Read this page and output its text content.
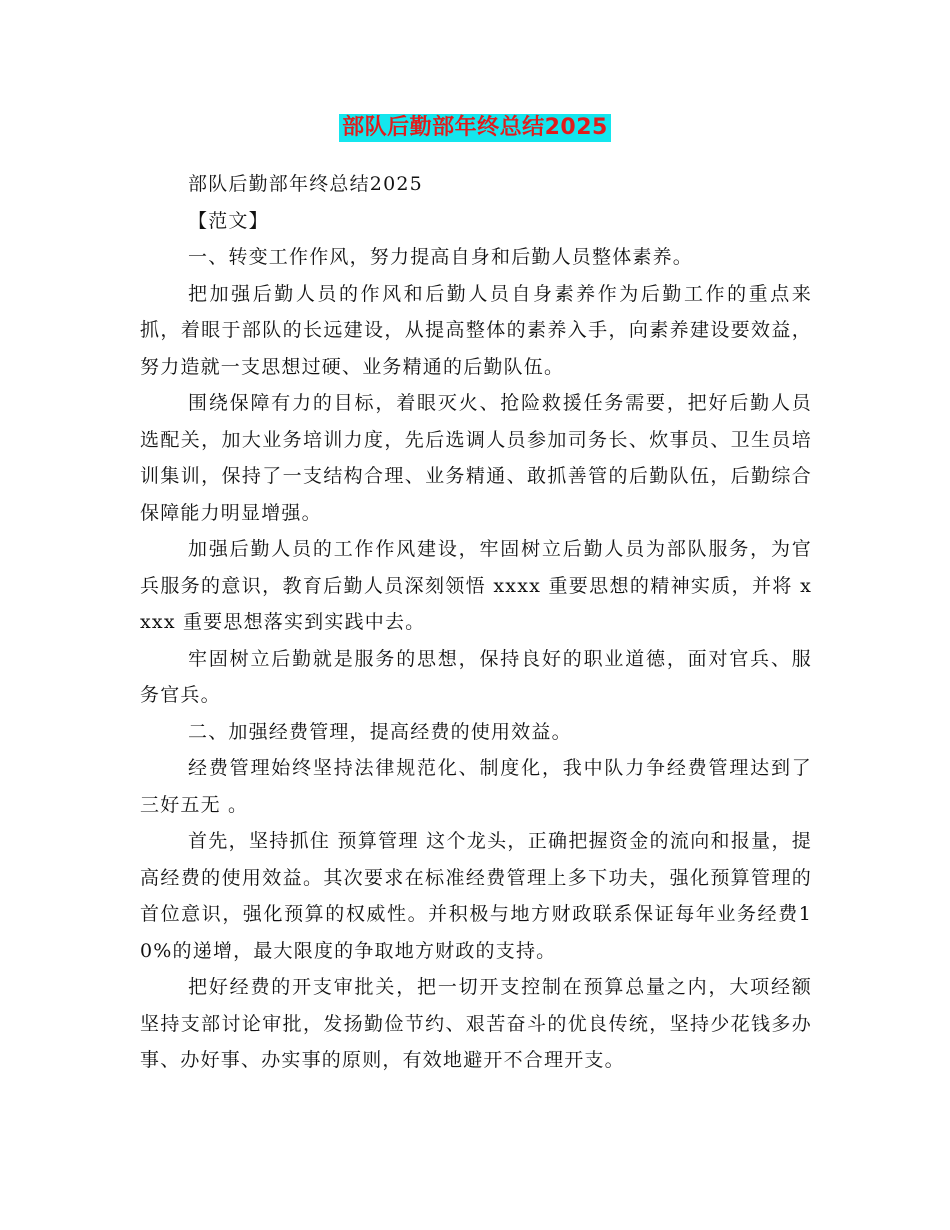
部队后勤部年终总结2025

部队后勤部年终总结2025

【范文】

一、转变工作作风，努力提高自身和后勤人员整体素养。

把加强后勤人员的作风和后勤人员自身素养作为后勤工作的重点来抓，着眼于部队的长远建设，从提高整体的素养入手，向素养建设要效益，努力造就一支思想过硬、业务精通的后勤队伍。

围绕保障有力的目标，着眼灭火、抢险救援任务需要，把好后勤人员选配关，加大业务培训力度，先后选调人员参加司务长、炊事员、卫生员培训集训，保持了一支结构合理、业务精通、敢抓善管的后勤队伍，后勤综合保障能力明显增强。

加强后勤人员的工作作风建设，牢固树立后勤人员为部队服务，为官兵服务的意识，教育后勤人员深刻领悟 xxxx 重要思想的精神实质，并将 xxxx 重要思想落实到实践中去。

牢固树立后勤就是服务的思想，保持良好的职业道德，面对官兵、服务官兵。

二、加强经费管理，提高经费的使用效益。

经费管理始终坚持法律规范化、制度化，我中队力争经费管理达到了 三好五无 。

首先，坚持抓住 预算管理 这个龙头，正确把握资金的流向和报量，提高经费的使用效益。其次要求在标准经费管理上多下功夫，强化预算管理的首位意识，强化预算的权威性。并积极与地方财政联系保证每年业务经费10%的递增，最大限度的争取地方财政的支持。

把好经费的开支审批关，把一切开支控制在预算总量之内，大项经额坚持支部讨论审批，发扬勤俭节约、艰苦奋斗的优良传统，坚持少花钱多办事、办好事、办实事的原则，有效地避开不合理开支。
